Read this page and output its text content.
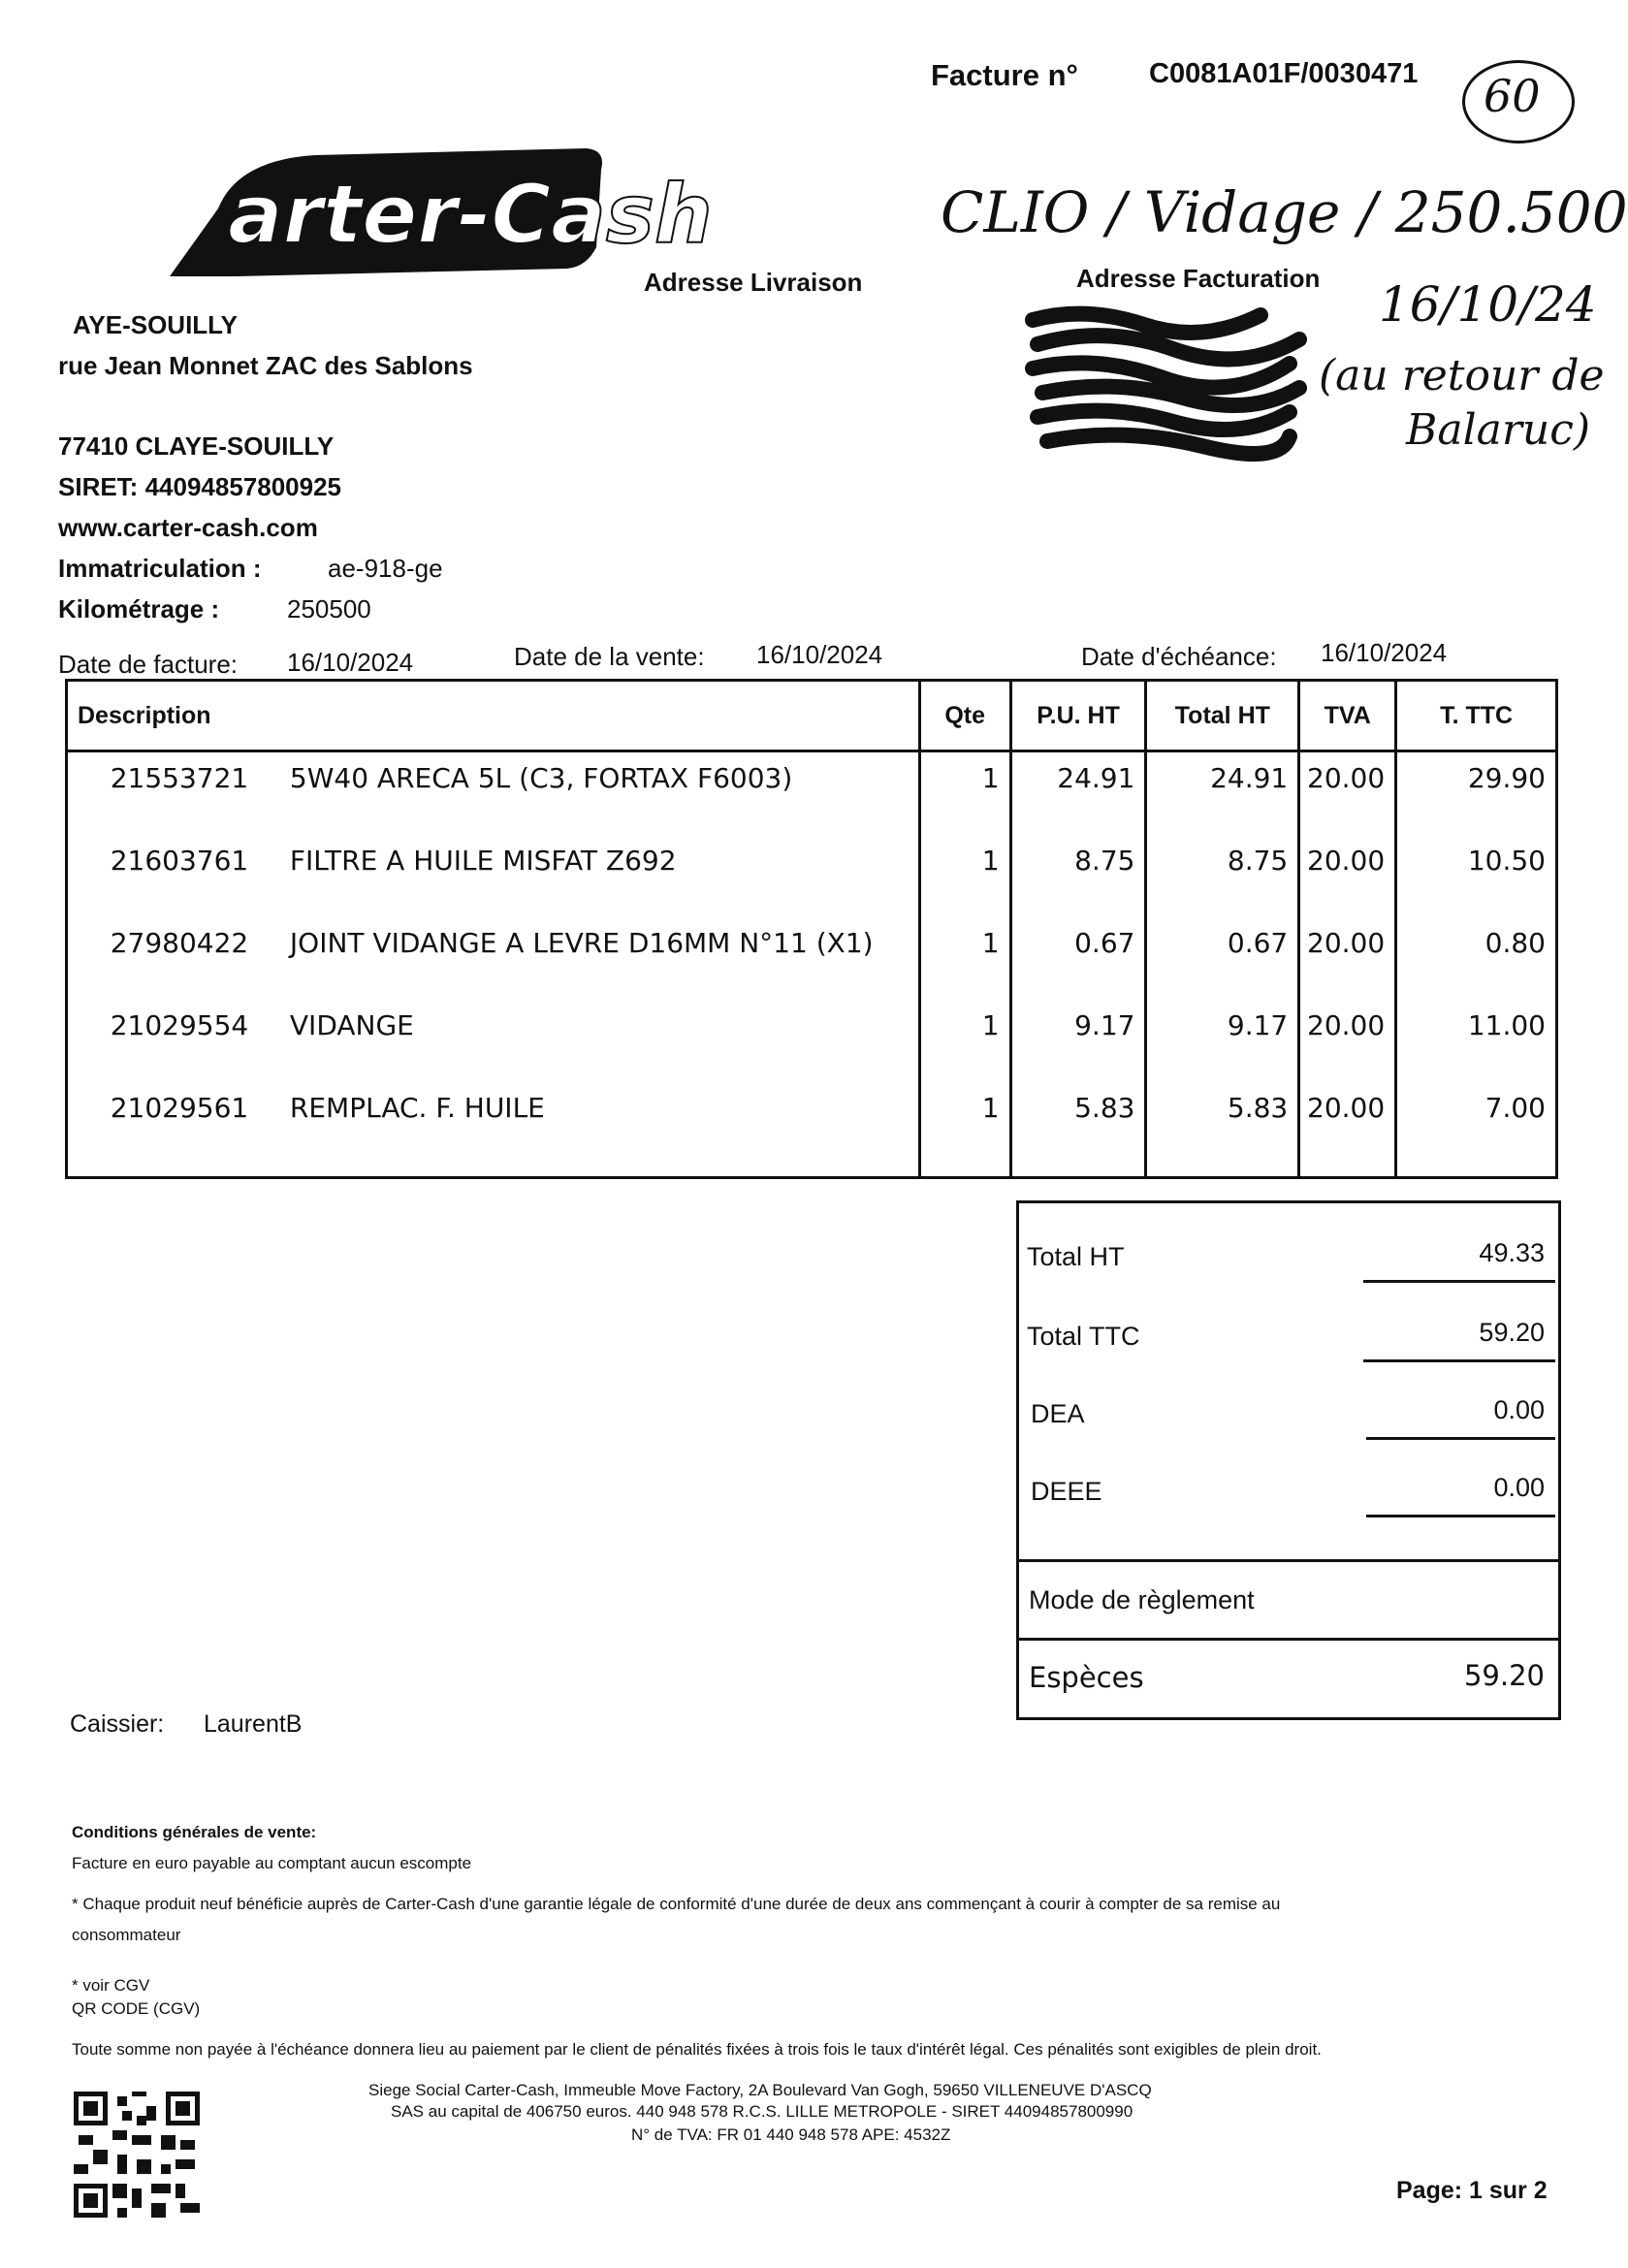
Facture n°	C0081A01F/0030471 60
arter-Cash
Adresse Livraison	Adresse Facturation
CLIO / Vidage / 250.500
16/10/24
(au retour de
Balaruc)
AYE-SOUILLY
rue Jean Monnet ZAC des Sablons
77410 CLAYE-SOUILLY
SIRET: 44094857800925
www.carter-cash.com
Immatriculation :	ae-918-ge
Kilométrage :	250500
Date de facture: 16/10/2024	Date de la vente: 16/10/2024	Date d'échéance: 16/10/2024
Description	Qte	P.U. HT	Total HT	TVA	T. TTC
21553721 5W40 ARECA 5L (C3, FORTAX F6003)	1	24.91	24.91	20.00	29.90
21603761 FILTRE A HUILE MISFAT Z692	1	8.75	8.75	20.00	10.50
27980422 JOINT VIDANGE A LEVRE D16MM N°11 (X1)	1	0.67	0.67	20.00	0.80
21029554 VIDANGE	1	9.17	9.17	20.00	11.00
21029561 REMPLAC. F. HUILE	1	5.83	5.83	20.00	7.00
Total HT	49.33
Total TTC	59.20
DEA	0.00
DEEE	0.00
Mode de règlement
Espèces	59.20
Caissier: LaurentB
Conditions générales de vente:
Facture en euro payable au comptant aucun escompte
* Chaque produit neuf bénéficie auprès de Carter-Cash d'une garantie légale de conformité d'une durée de deux ans commençant à courir à compter de sa remise au
consommateur
* voir CGV
QR CODE (CGV)
Toute somme non payée à l'échéance donnera lieu au paiement par le client de pénalités fixées à trois fois le taux d'intérêt légal. Ces pénalités sont exigibles de plein droit.
Siege Social Carter-Cash, Immeuble Move Factory, 2A Boulevard Van Gogh, 59650 VILLENEUVE D'ASCQ
SAS au capital de 406750 euros. 440 948 578 R.C.S. LILLE METROPOLE - SIRET 44094857800990
N° de TVA: FR 01 440 948 578 APE: 4532Z
Page: 1 sur 2
